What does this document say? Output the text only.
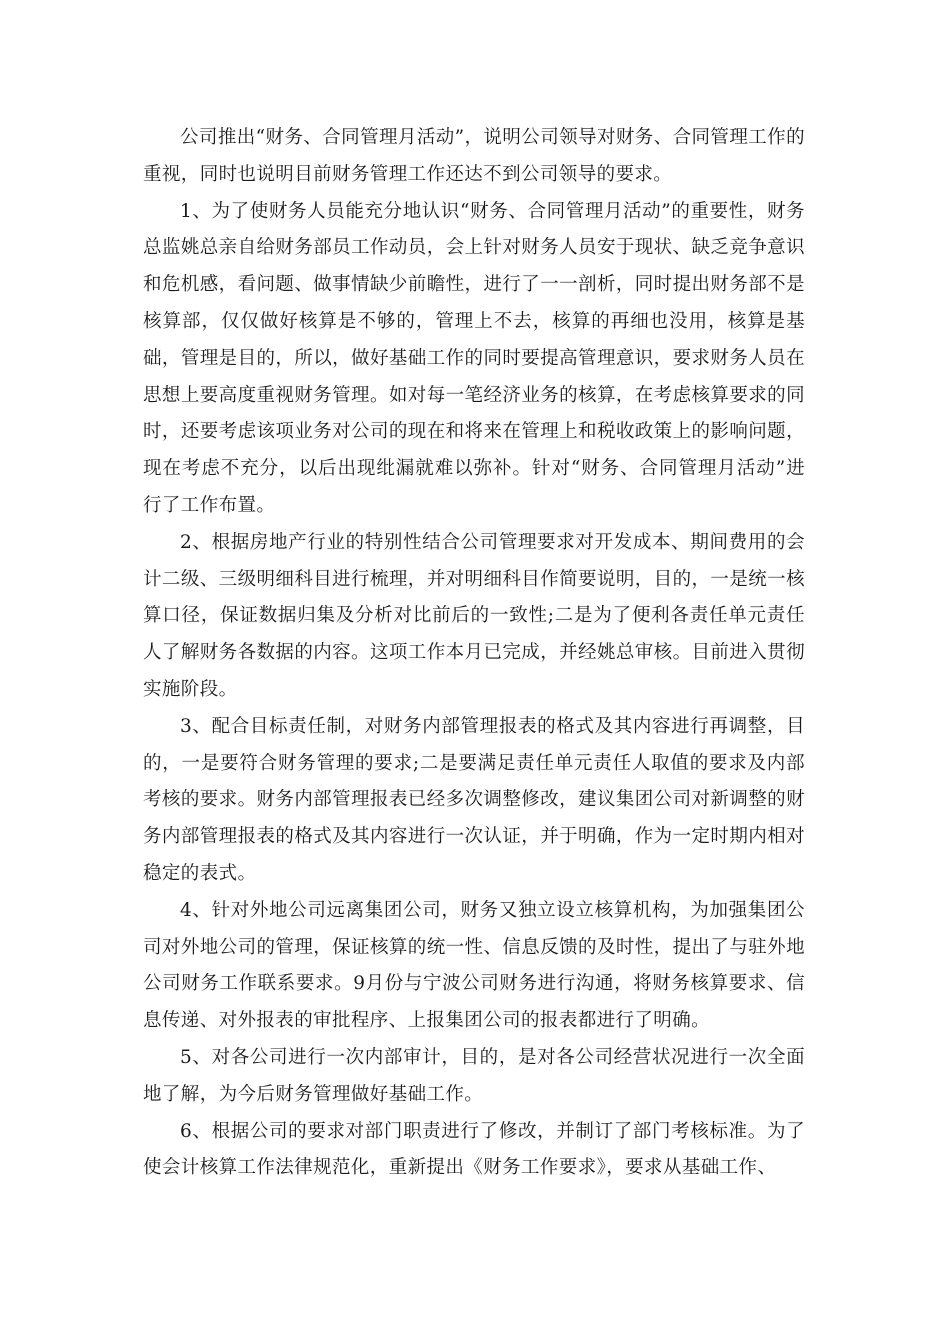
公司推出“财务、合同管理月活动”，说明公司领导对财务、合同管理工作的重视，同时也说明目前财务管理工作还达不到公司领导的要求。

1、为了使财务人员能充分地认识“财务、合同管理月活动”的重要性，财务总监姚总亲自给财务部员工作动员，会上针对财务人员安于现状、缺乏竞争意识和危机感，看问题、做事情缺少前瞻性，进行了一一剖析，同时提出财务部不是核算部，仅仅做好核算是不够的，管理上不去，核算的再细也没用，核算是基础，管理是目的，所以，做好基础工作的同时要提高管理意识，要求财务人员在思想上要高度重视财务管理。如对每一笔经济业务的核算，在考虑核算要求的同时，还要考虑该项业务对公司的现在和将来在管理上和税收政策上的影响问题，现在考虑不充分，以后出现纰漏就难以弥补。针对“财务、合同管理月活动”进行了工作布置。

2、根据房地产行业的特别性结合公司管理要求对开发成本、期间费用的会计二级、三级明细科目进行梳理，并对明细科目作简要说明，目的，一是统一核算口径，保证数据归集及分析对比前后的一致性;二是为了便利各责任单元责任人了解财务各数据的内容。这项工作本月已完成，并经姚总审核。目前进入贯彻实施阶段。

3、配合目标责任制，对财务内部管理报表的格式及其内容进行再调整，目的，一是要符合财务管理的要求;二是要满足责任单元责任人取值的要求及内部考核的要求。财务内部管理报表已经多次调整修改，建议集团公司对新调整的财务内部管理报表的格式及其内容进行一次认证，并于明确，作为一定时期内相对稳定的表式。

4、针对外地公司远离集团公司，财务又独立设立核算机构，为加强集团公司对外地公司的管理，保证核算的统一性、信息反馈的及时性，提出了与驻外地公司财务工作联系要求。9月份与宁波公司财务进行沟通，将财务核算要求、信息传递、对外报表的审批程序、上报集团公司的报表都进行了明确。

5、对各公司进行一次内部审计，目的，是对各公司经营状况进行一次全面地了解，为今后财务管理做好基础工作。

6、根据公司的要求对部门职责进行了修改，并制订了部门考核标准。为了使会计核算工作法律规范化，重新提出《财务工作要求》，要求从基础工作、
